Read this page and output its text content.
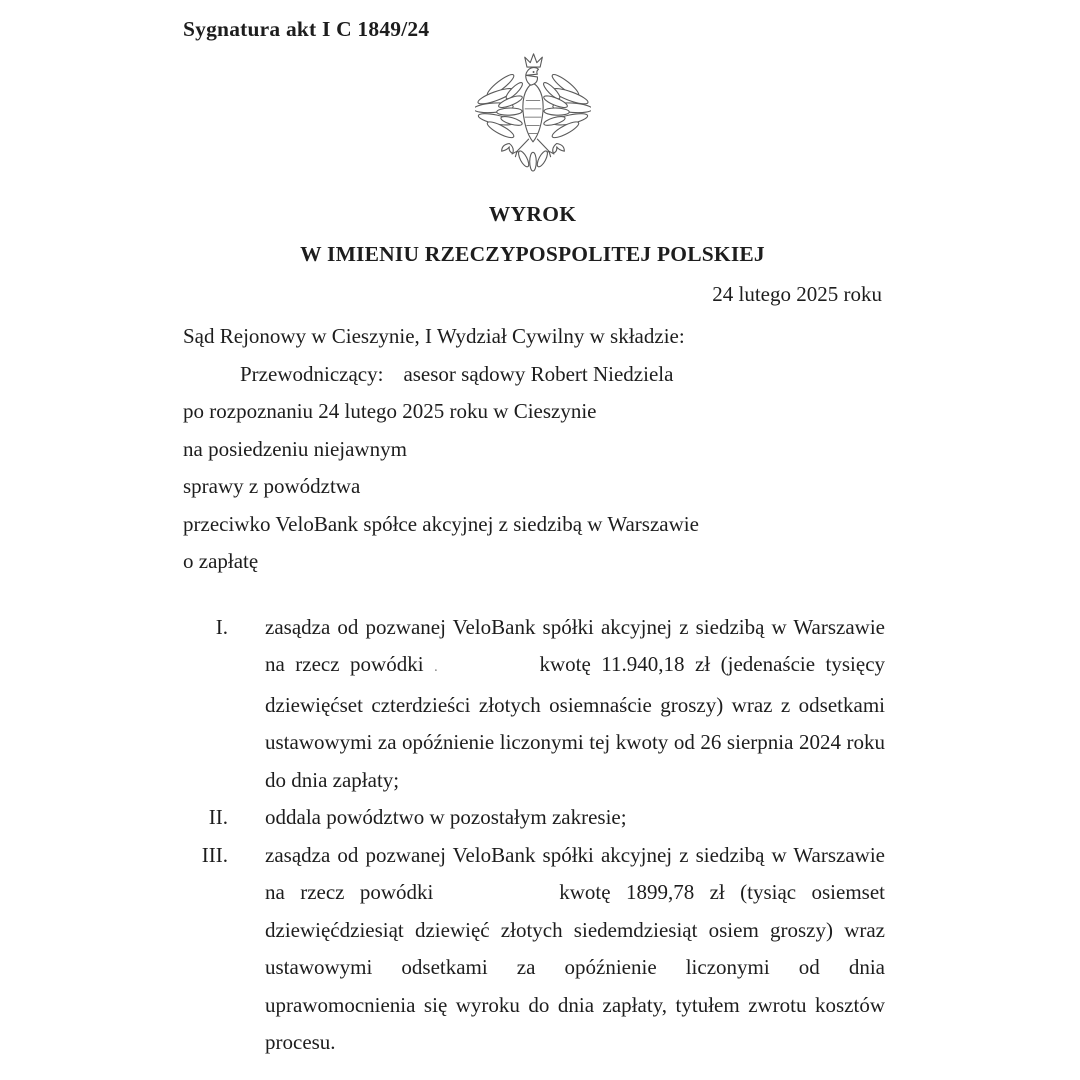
Sygnatura akt I C 1849/24
WYROK
W IMIENIU RZECZYPOSPOLITEJ POLSKIEJ
24 lutego 2025 roku
Sąd Rejonowy w Cieszynie, I Wydział Cywilny w składzie:
Przewodniczący: asesor sądowy Robert Niedziela
po rozpoznaniu 24 lutego 2025 roku w Cieszynie
na posiedzeniu niejawnym
sprawy z powództwa
przeciwko VeloBank spółce akcyjnej z siedzibą w Warszawie
o zapłatę
I. zasądza od pozwanej VeloBank spółki akcyjnej z siedzibą w Warszawie na rzecz powódki .	kwotę 11.940,18 zł (jedenaście tysięcy dziewięćset czterdzieści złotych osiemnaście groszy) wraz z odsetkami ustawowymi za opóźnienie liczonymi tej kwoty od 26 sierpnia 2024 roku do dnia zapłaty;
II. oddala powództwo w pozostałym zakresie;
III. zasądza od pozwanej VeloBank spółki akcyjnej z siedzibą w Warszawie na rzecz powódki	kwotę 1899,78 zł (tysiąc osiemset dziewięćdziesiąt dziewięć złotych siedemdziesiąt osiem groszy) wraz ustawowymi odsetkami za opóźnienie liczonymi od dnia uprawomocnienia się wyroku do dnia zapłaty, tytułem zwrotu kosztów procesu.
